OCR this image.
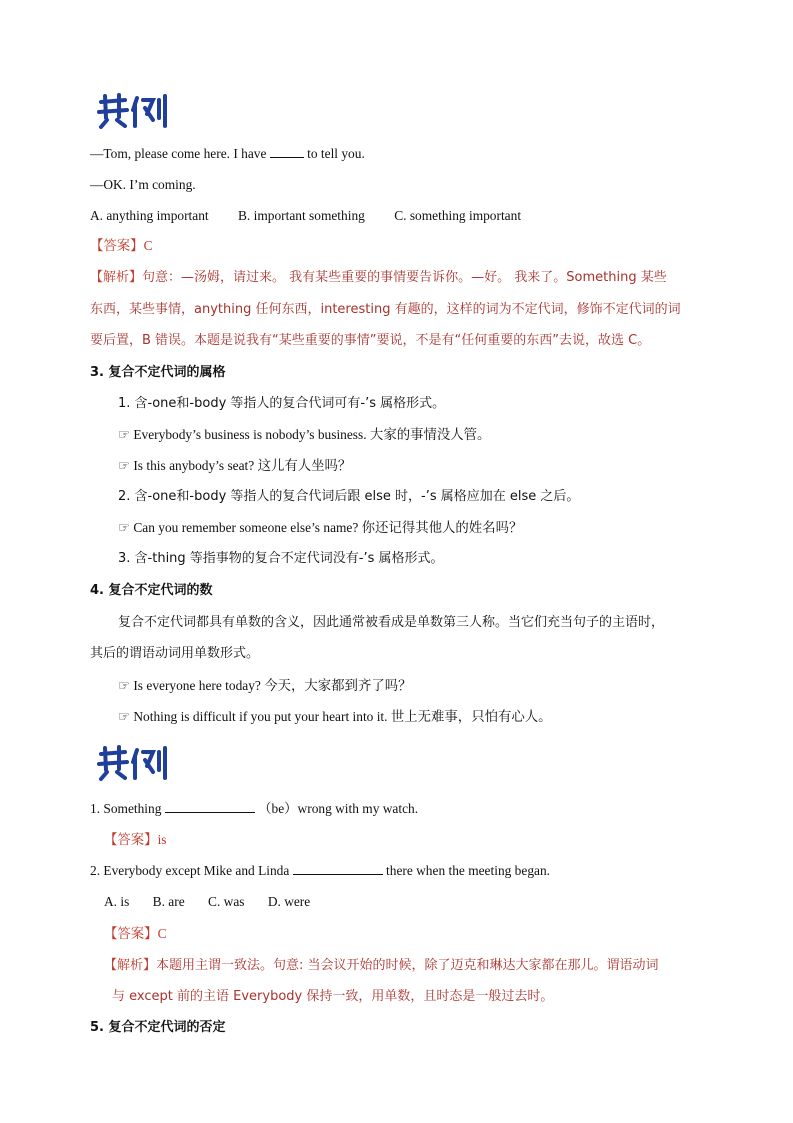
—Tom, please come here. I have	to tell you.
—OK. I’m coming.
A. anything important B. important something C. something important
【答案】C
【解析】句意：—汤姆，请过来。 我有某些重要的事情要告诉你。—好。 我来了。Something 某些
东西，某些事情，anything 任何东西，interesting 有趣的，这样的词为不定代词，修饰不定代词的词
要后置，B 错误。本题是说我有“某些重要的事情”要说，不是有“任何重要的东西”去说，故选 C。
3. 复合不定代词的属格
1. 含-one和-body 等指人的复合代词可有-’s 属格形式。
☞ Everybody’s business is nobody’s business. 大家的事情没人管。
☞ Is this anybody’s seat? 这儿有人坐吗？
2. 含-one和-body 等指人的复合代词后跟 else 时，-’s 属格应加在 else 之后。
☞ Can you remember someone else’s name? 你还记得其他人的姓名吗？
3. 含-thing 等指事物的复合不定代词没有-’s 属格形式。
4. 复合不定代词的数
复合不定代词都具有单数的含义，因此通常被看成是单数第三人称。当它们充当句子的主语时，
其后的谓语动词用单数形式。
☞ Is everyone here today? 今天，大家都到齐了吗？
☞ Nothing is difficult if you put your heart into it. 世上无难事，只怕有心人。
1. Something	（be）wrong with my watch.
【答案】is
2. Everybody except Mike and Linda	there when the meeting began.
A. is B. are C. was D. were
【答案】C
【解析】本题用主谓一致法。句意: 当会议开始的时候，除了迈克和琳达大家都在那儿。谓语动词
与 except 前的主语 Everybody 保持一致，用单数，且时态是一般过去时。
5. 复合不定代词的否定
